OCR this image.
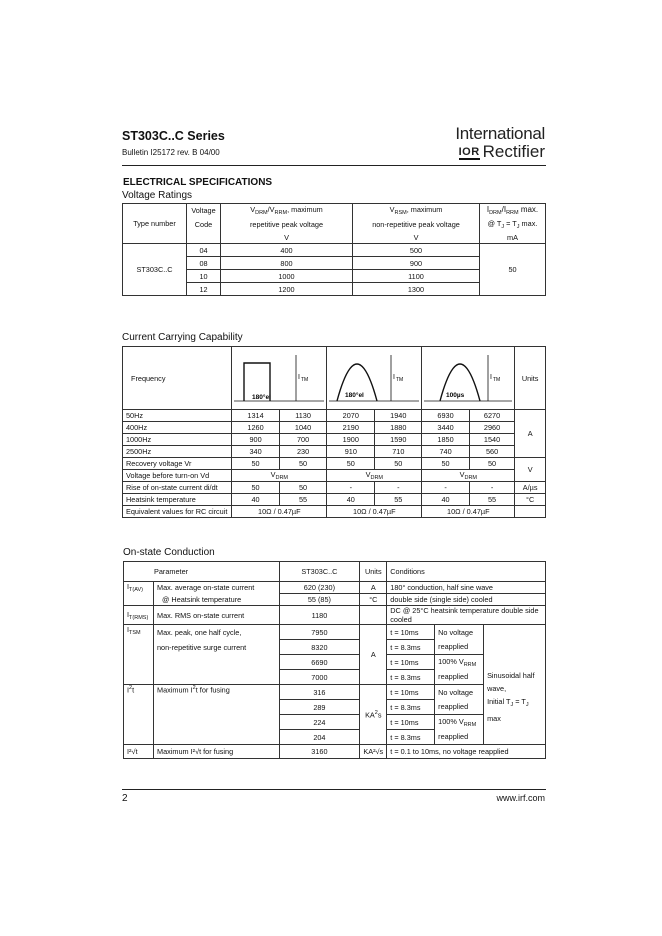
ST303C..C Series
Bulletin I25172 rev. B 04/00
International
IOR Rectifier
ELECTRICAL SPECIFICATIONS
Voltage Ratings
Type number	Voltage	$V_{DRM}/V_{RRM}$, maximum	$V_{RSM}$, maximum	$I_{DRM}/I_{RRM}$ max.
	Code	repetitive peak voltage	non-repetitive peak voltage	@ $T_J = T_J$ max.
		V	V	mA
ST303C..C	04	400	500	50
	08	800	900	
	10	1000	1100	
	12	1200	1300	
Current Carrying Capability
Frequency	I TM
180°el		I TM
180°el		I TM
100µs		Units
50Hz	1314	1130	2070	1940	6930	6270	A
400Hz	1260	1040	2190	1880	3440	2960	
1000Hz	900	700	1900	1590	1850	1540	
2500Hz	340	230	910	710	740	560	
Recovery voltage Vr	50	50	50	50	50	50	V
Voltage before turn-on Vd	$V_{DRM}$		$V_{DRM}$		$V_{DRM}$
Rise of on-state current di/dt	50	50	-	-	-	-	A/µs
Heatsink temperature	40	55	40	55	40	55	°C
Equivalent values for RC circuit	10Ω / 0.47µF		10Ω / 0.47µF		10Ω / 0.47µF		
On-state Conduction
Parameter		ST303C..C	Units	Conditions		
$I_{T(AV)}$	Max. average on-state current	620 (230)	A	180° conduction, half sine wave		
	@ Heatsink temperature	55 (85)	°C	double side (single side) cooled		
$I_{T(RMS)}$	Max. RMS on-state current	1180		DC @ 25°C heatsink temperature double side cooled		
$I_{TSM}$	Max. peak, one half cycle,
non-repetitive surge current	7950	A	t = 10ms	No voltage	
		8320		t = 8.3ms	reapplied	
		6690		t = 10ms	100% $V_{RRM}$
		7000		t = 8.3ms	reapplied	
$I^2t$	Maximum $I^2t$ for fusing	316	$KA^2s$	t = 10ms	No voltage	Sinusoidal half wave,
Initial $T_J = T_J$ max

		289		t = 8.3ms	reapplied	
		224		t = 10ms	100% $V_{RRM}$
		204		t = 8.3ms	reapplied	
I²√t	Maximum I²√t for fusing	3160	KA²√s	t = 0.1 to 10ms, no voltage reapplied		
2	www.irf.com
